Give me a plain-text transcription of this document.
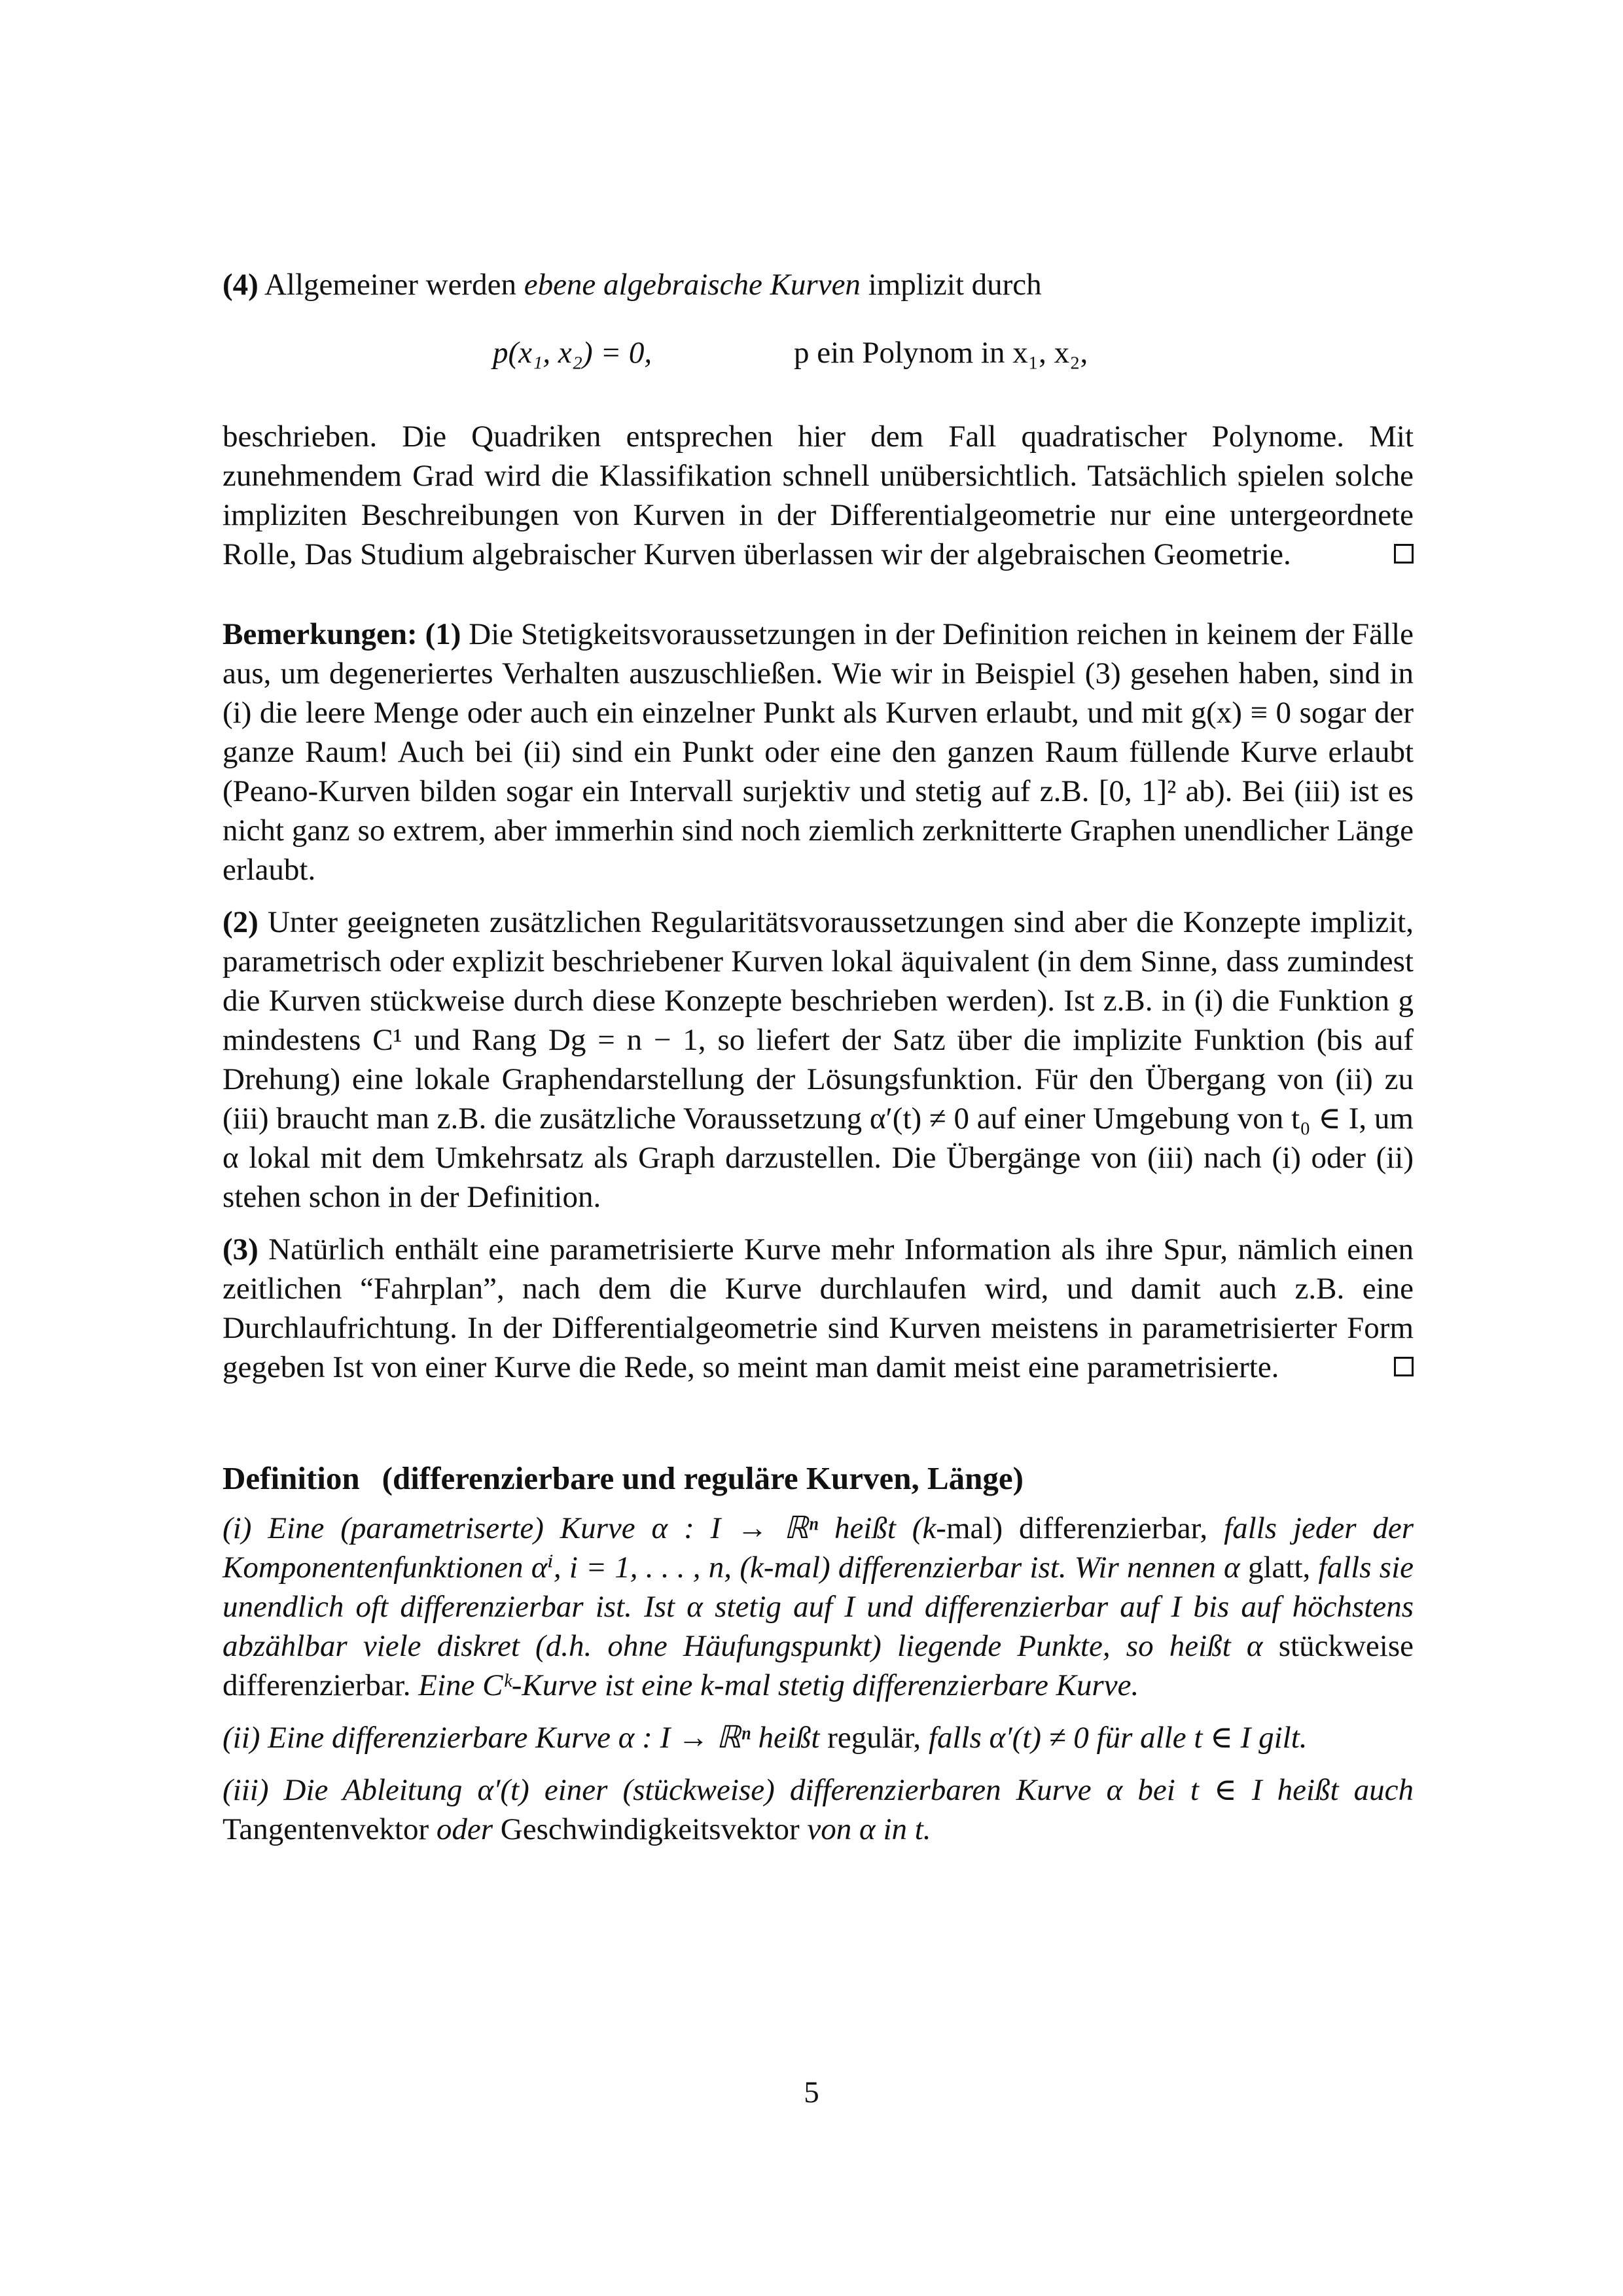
(4) Allgemeiner werden ebene algebraische Kurven implizit durch

p(x₁, x₂) = 0,	p ein Polynom in x₁, x₂,

beschrieben. Die Quadriken entsprechen hier dem Fall quadratischer Polynome. Mit zunehmendem Grad wird die Klassifikation schnell unübersichtlich. Tatsächlich spielen solche impliziten Beschreibungen von Kurven in der Differentialgeometrie nur eine untergeordnete Rolle, Das Studium algebraischer Kurven überlassen wir der algebraischen Geometrie.

Bemerkungen: (1) Die Stetigkeitsvoraussetzungen in der Definition reichen in keinem der Fälle aus, um degeneriertes Verhalten auszuschließen. Wie wir in Beispiel (3) gesehen haben, sind in (i) die leere Menge oder auch ein einzelner Punkt als Kurven erlaubt, und mit g(x) ≡ 0 sogar der ganze Raum! Auch bei (ii) sind ein Punkt oder eine den ganzen Raum füllende Kurve erlaubt (Peano-Kurven bilden sogar ein Intervall surjektiv und stetig auf z.B. [0, 1]² ab). Bei (iii) ist es nicht ganz so extrem, aber immerhin sind noch ziemlich zerknitterte Graphen unendlicher Länge erlaubt.

(2) Unter geeigneten zusätzlichen Regularitätsvoraussetzungen sind aber die Konzepte implizit, parametrisch oder explizit beschriebener Kurven lokal äquivalent (in dem Sinne, dass zumindest die Kurven stückweise durch diese Konzepte beschrieben werden). Ist z.B. in (i) die Funktion g mindestens C¹ und Rang Dg = n − 1, so liefert der Satz über die implizite Funktion (bis auf Drehung) eine lokale Graphendarstellung der Lösungsfunktion. Für den Übergang von (ii) zu (iii) braucht man z.B. die zusätzliche Voraussetzung α′(t) ≠ 0 auf einer Umgebung von t₀ ∈ I, um α lokal mit dem Umkehrsatz als Graph darzustellen. Die Übergänge von (iii) nach (i) oder (ii) stehen schon in der Definition.

(3) Natürlich enthält eine parametrisierte Kurve mehr Information als ihre Spur, nämlich einen zeitlichen “Fahrplan”, nach dem die Kurve durchlaufen wird, und damit auch z.B. eine Durchlaufrichtung. In der Differentialgeometrie sind Kurven meistens in parametrisierter Form gegeben Ist von einer Kurve die Rede, so meint man damit meist eine parametrisierte.

Definition (differenzierbare und reguläre Kurven, Länge)

(i) Eine (parametriserte) Kurve α : I → ℝⁿ heißt (k-mal) differenzierbar, falls jeder der Komponentenfunktionen αⁱ, i = 1, . . . , n, (k-mal) differenzierbar ist. Wir nennen α glatt, falls sie unendlich oft differenzierbar ist. Ist α stetig auf I und differenzierbar auf I bis auf höchstens abzählbar viele diskret (d.h. ohne Häufungspunkt) liegende Punkte, so heißt α stückweise differenzierbar. Eine Cᵏ-Kurve ist eine k-mal stetig differenzierbare Kurve.

(ii) Eine differenzierbare Kurve α : I → ℝⁿ heißt regulär, falls α′(t) ≠ 0 für alle t ∈ I gilt.

(iii) Die Ableitung α′(t) einer (stückweise) differenzierbaren Kurve α bei t ∈ I heißt auch Tangentenvektor oder Geschwindigkeitsvektor von α in t.

5
